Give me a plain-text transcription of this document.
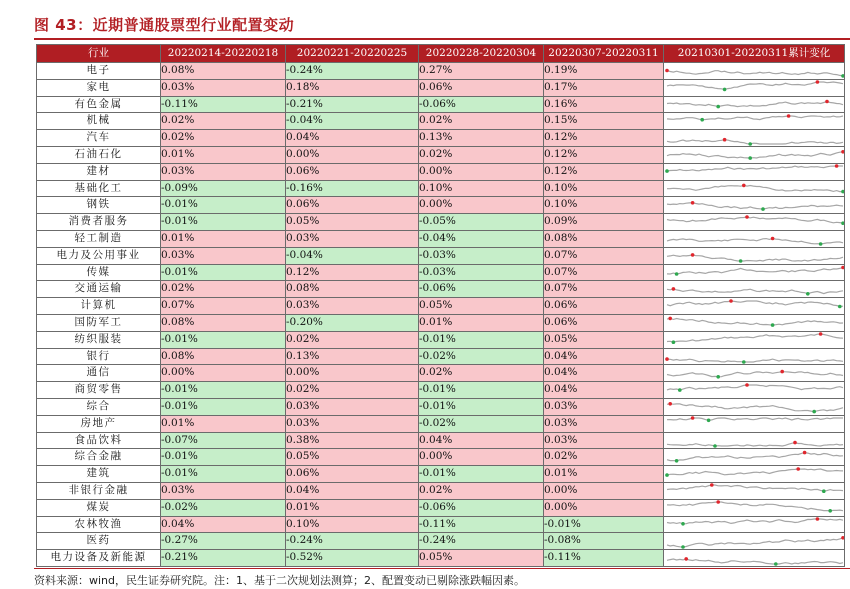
图 43：近期普通股票型行业配置变动
行业	20220214-20220218	20220221-20220225	20220228-20220304	20220307-20220311	20210301-20220311累计变化
电子	0.08%	-0.24%	0.27%	0.19%	

家电	0.03%	0.18%	0.06%	0.17%	

有色金属	-0.11%	-0.21%	-0.06%	0.16%	

机械	0.02%	-0.04%	0.02%	0.15%	

汽车	0.02%	0.04%	0.13%	0.12%	

石油石化	0.01%	0.00%	0.02%	0.12%	

建材	0.03%	0.06%	0.00%	0.12%	

基础化工	-0.09%	-0.16%	0.10%	0.10%	

钢铁	-0.01%	0.06%	0.00%	0.10%	

消费者服务	-0.01%	0.05%	-0.05%	0.09%	

轻工制造	0.01%	0.03%	-0.04%	0.08%	

电力及公用事业	0.03%	-0.04%	-0.03%	0.07%	

传媒	-0.01%	0.12%	-0.03%	0.07%	

交通运输	0.02%	0.08%	-0.06%	0.07%	

计算机	0.07%	0.03%	0.05%	0.06%	

国防军工	0.08%	-0.20%	0.01%	0.06%	

纺织服装	-0.01%	0.02%	-0.01%	0.05%	

银行	0.08%	0.13%	-0.02%	0.04%	

通信	0.00%	0.00%	0.02%	0.04%	

商贸零售	-0.01%	0.02%	-0.01%	0.04%	

综合	-0.01%	0.03%	-0.01%	0.03%	

房地产	0.01%	0.03%	-0.02%	0.03%	

食品饮料	-0.07%	0.38%	0.04%	0.03%	

综合金融	-0.01%	0.05%	0.00%	0.02%	

建筑	-0.01%	0.06%	-0.01%	0.01%	

非银行金融	0.03%	0.04%	0.02%	0.00%	

煤炭	-0.02%	0.01%	-0.06%	0.00%	

农林牧渔	0.04%	0.10%	-0.11%	-0.01%	

医药	-0.27%	-0.24%	-0.24%	-0.08%	

电力设备及新能源	-0.21%	-0.52%	0.05%	-0.11%	
资料来源：wind，民生证券研究院。注：1、基于二次规划法测算；2、配置变动已剔除涨跌幅因素。
